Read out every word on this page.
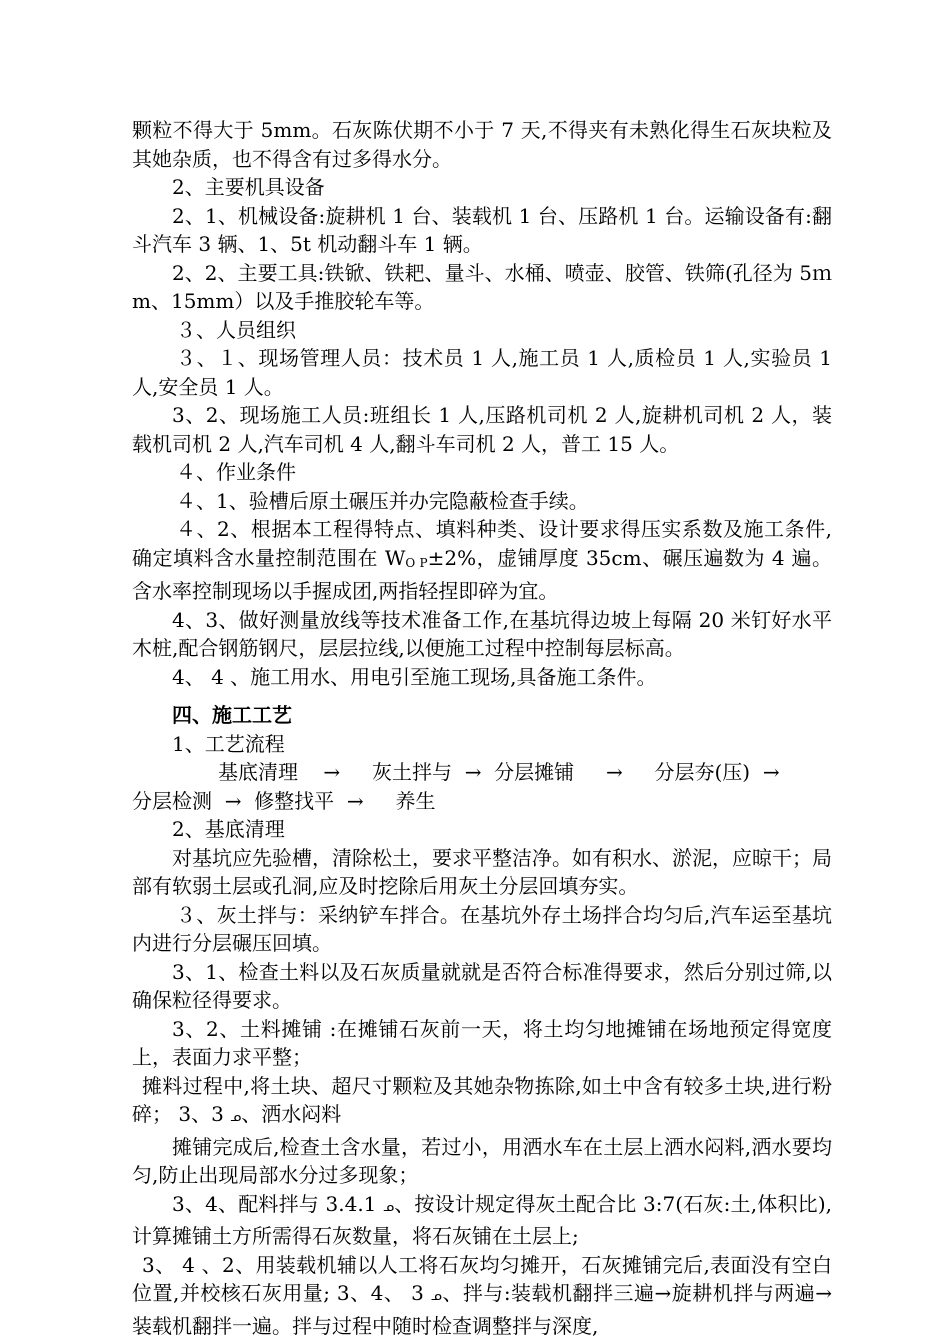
颗粒不得大于 5mm。石灰陈伏期不小于 7 天,不得夹有未熟化得生石灰块粒及其她杂质，也不得含有过多得水分。

2、主要机具设备

2、1、机械设备:旋耕机 1 台、装载机 1 台、压路机 1 台。运输设备有:翻斗汽车 3 辆、1、5t 机动翻斗车 1 辆。

2、2、主要工具:铁锨、铁耙、量斗、水桶、喷壶、胶管、铁筛(孔径为 5ｍm、15mm）以及手推胶轮车等。

３、人员组织

３、１、现场管理人员：技术员 1 人,施工员 1 人,质检员 1 人,实验员 1 人,安全员 1 人。

3、2、现场施工人员:班组长 1 人,压路机司机 2 人,旋耕机司机 2 人，装载机司机 2 人,汽车司机 4 人,翻斗车司机 2 人，普工 15 人。

４、作业条件

４、1、验槽后原土碾压并办完隐蔽检查手续。

４、2、根据本工程得特点、填料种类、设计要求得压实系数及施工条件,确定填料含水量控制范围在 WO P±2%，虚铺厚度 35cm、碾压遍数为 4 遍。含水率控制现场以手握成团,两指轻捏即碎为宜。

4、3、做好测量放线等技术准备工作,在基坑得边坡上每隔 20 米钉好水平木桩,配合钢筋钢尺，层层拉线,以便施工过程中控制每层标高。

4、 4 、施工用水、用电引至施工现场,具备施工条件。

四、施工工艺

1、工艺流程

基底清理    →     灰土拌与  →  分层摊铺     →     分层夯(压)  →

分层检测  →  修整找平  →     养生

2、基底清理

对基坑应先验槽，清除松土，要求平整洁净。如有积水、淤泥，应晾干；局部有软弱土层或孔洞,应及时挖除后用灰土分层回填夯实。

３、灰土拌与：采纳铲车拌合。在基坑外存土场拌合均匀后,汽车运至基坑内进行分层碾压回填。

3、1、检查土料以及石灰质量就就是否符合标准得要求，然后分别过筛,以确保粒径得要求。

3、2、土料摊铺 :在摊铺石灰前一天，将土均匀地摊铺在场地预定得宽度上，表面力求平整；

摊料过程中,将土块、超尺寸颗粒及其她杂物拣除,如土中含有较多土块,进行粉碎； 3、3 ᓄ、洒水闷料

摊铺完成后,检查土含水量，若过小，用洒水车在土层上洒水闷料,洒水要均匀,防止出现局部水分过多现象；

3、4、配料拌与 3.4.1 ᓄ、按设计规定得灰土配合比 3:7(石灰:土,体积比),计算摊铺土方所需得石灰数量，将石灰铺在土层上;

3、 4 、2、用装载机辅以人工将石灰均匀摊开，石灰摊铺完后,表面没有空白位置,并校核石灰用量; 3、4、 3 ᓄ、拌与:装载机翻拌三遍→旋耕机拌与两遍→装载机翻拌一遍。拌与过程中随时检查调整拌与深度,
